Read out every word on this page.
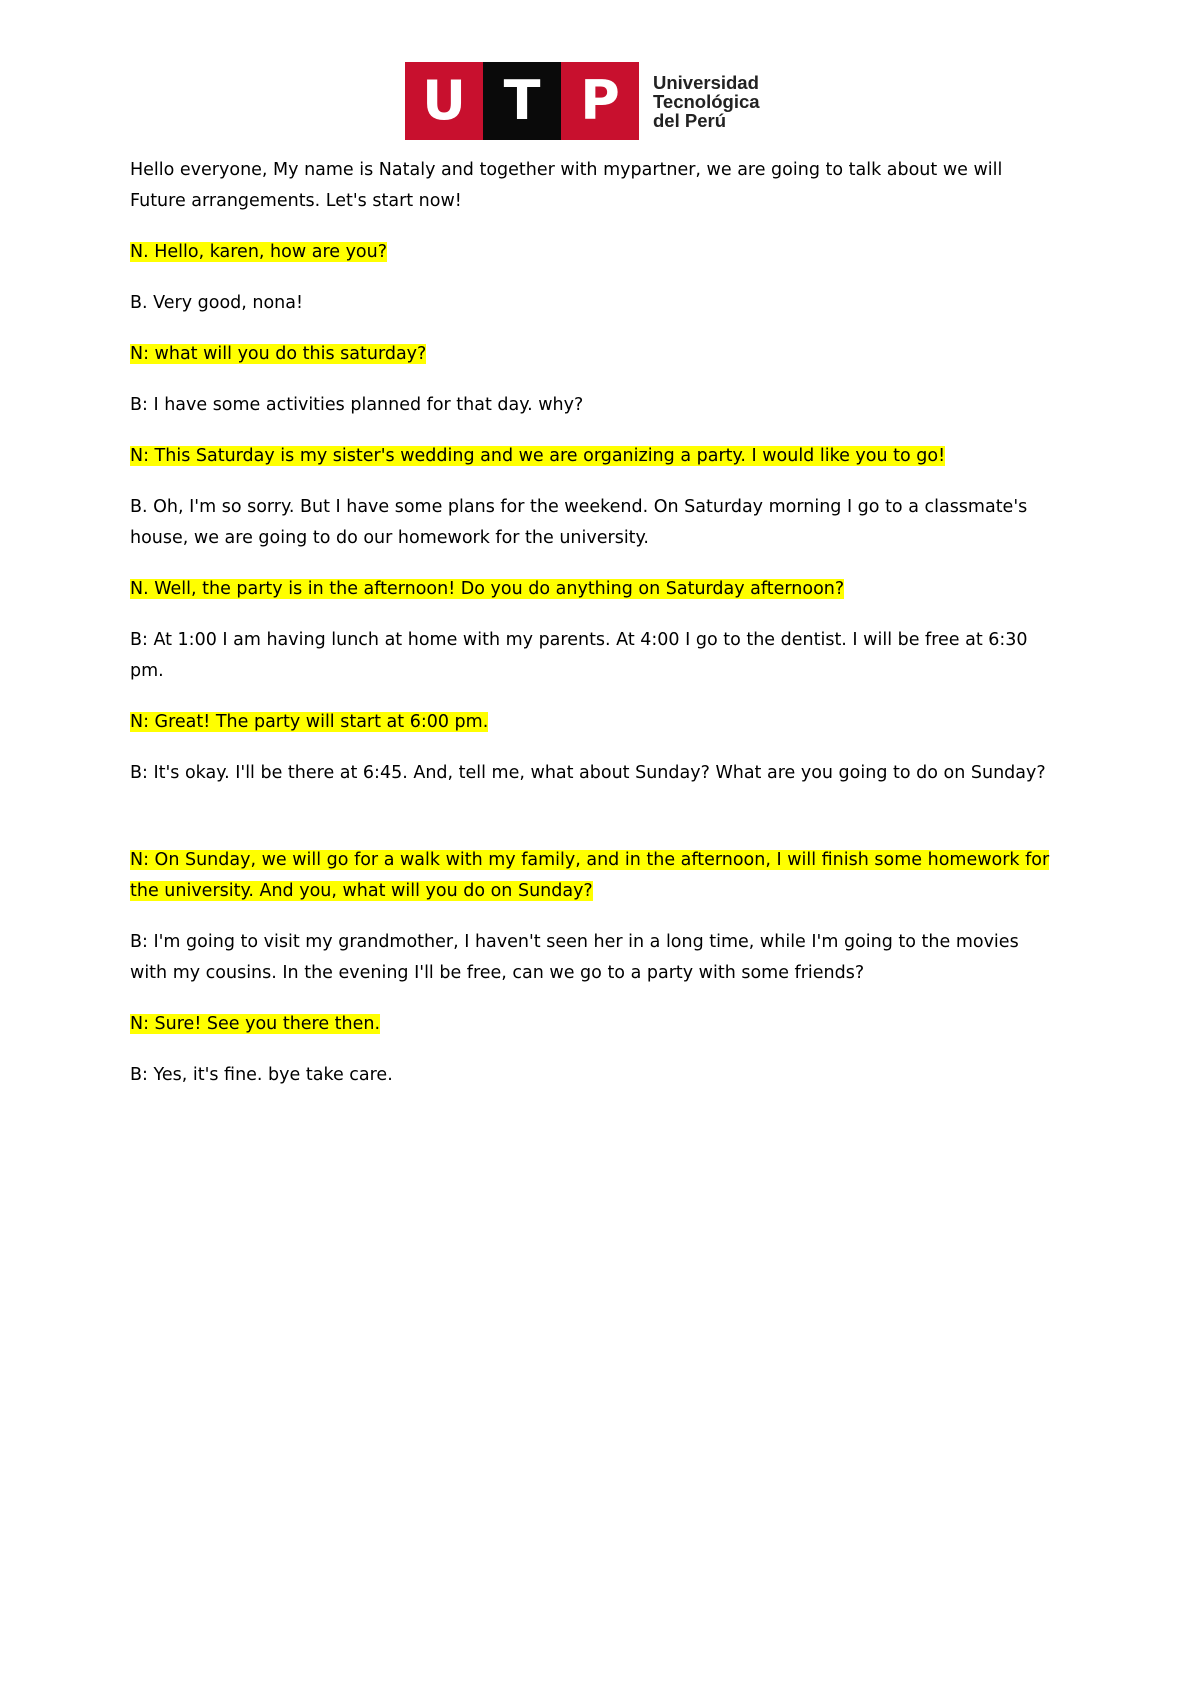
U T P	Universidad
Tecnológica
del Perú

Hello everyone, My name is Nataly and together with mypartner, we are going to talk about we will Future arrangements. Let's start now!

N. Hello, karen, how are you?

B. Very good, nona!

N: what will you do this saturday?

B: I have some activities planned for that day. why?

N: This Saturday is my sister's wedding and we are organizing a party. I would like you to go!

B. Oh, I'm so sorry. But I have some plans for the weekend. On Saturday morning I go to a classmate's house, we are going to do our homework for the university.

N. Well, the party is in the afternoon! Do you do anything on Saturday afternoon?

B: At 1:00 I am having lunch at home with my parents. At 4:00 I go to the dentist. I will be free at 6:30 pm.

N: Great! The party will start at 6:00 pm.

B: It's okay. I'll be there at 6:45. And, tell me, what about Sunday? What are you going to do on Sunday?

N: On Sunday, we will go for a walk with my family, and in the afternoon, I will finish some homework for the university. And you, what will you do on Sunday?

B: I'm going to visit my grandmother, I haven't seen her in a long time, while I'm going to the movies with my cousins. In the evening I'll be free, can we go to a party with some friends?

N: Sure! See you there then.

B: Yes, it's fine. bye take care.
